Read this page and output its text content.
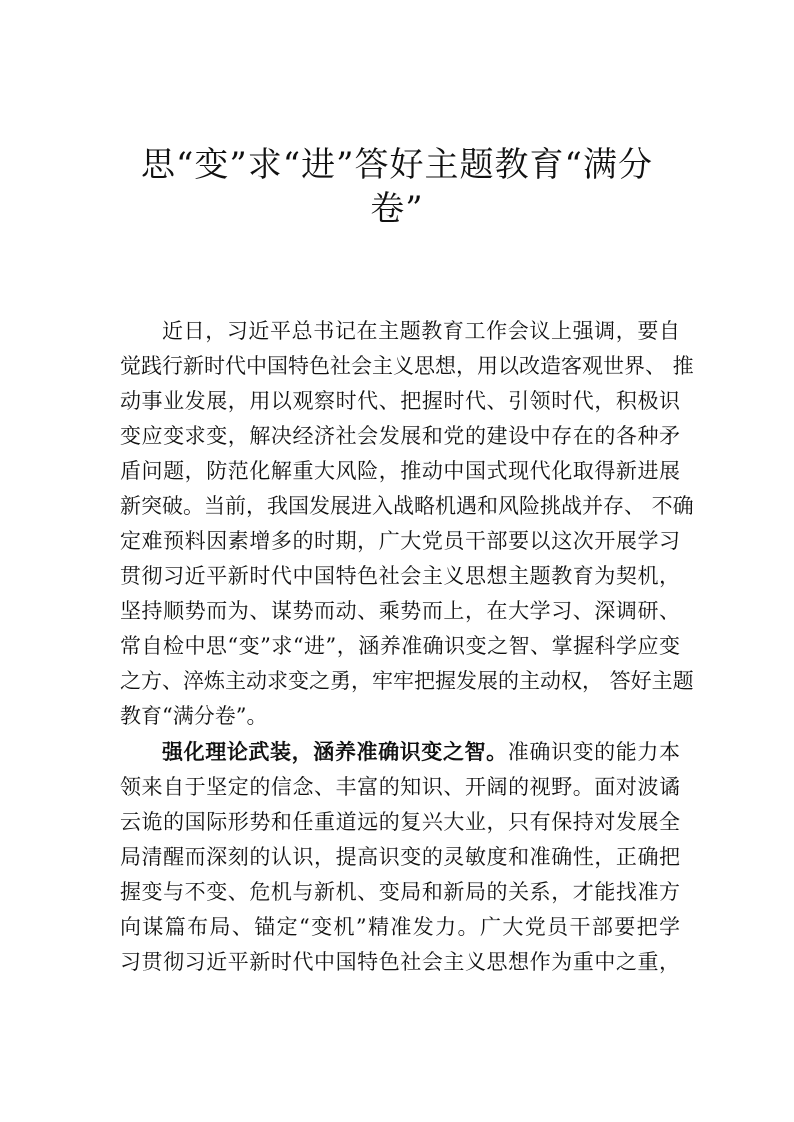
思“变”求“进”答好主题教育“满分
卷”
近日，习近平总书记在主题教育工作会议上强调，要自
觉践行新时代中国特色社会主义思想，用以改造客观世界、 推
动事业发展，用以观察时代、把握时代、引领时代，积极识
变应变求变，解决经济社会发展和党的建设中存在的各种矛
盾问题，防范化解重大风险，推动中国式现代化取得新进展
新突破。当前，我国发展进入战略机遇和风险挑战并存、 不确
定难预料因素增多的时期，广大党员干部要以这次开展学习
贯彻习近平新时代中国特色社会主义思想主题教育为契机，
坚持顺势而为、谋势而动、乘势而上，在大学习、深调研、
常自检中思“变”求“进”，涵养准确识变之智、掌握科学应变
之方、淬炼主动求变之勇，牢牢把握发展的主动权， 答好主题
教育“满分卷”。
强化理论武装，涵养准确识变之智。准确识变的能力本
领来自于坚定的信念、丰富的知识、开阔的视野。面对波谲
云诡的国际形势和任重道远的复兴大业，只有保持对发展全
局清醒而深刻的认识，提高识变的灵敏度和准确性，正确把
握变与不变、危机与新机、变局和新局的关系，才能找准方
向谋篇布局、锚定“变机”精准发力。广大党员干部要把学
习贯彻习近平新时代中国特色社会主义思想作为重中之重，
